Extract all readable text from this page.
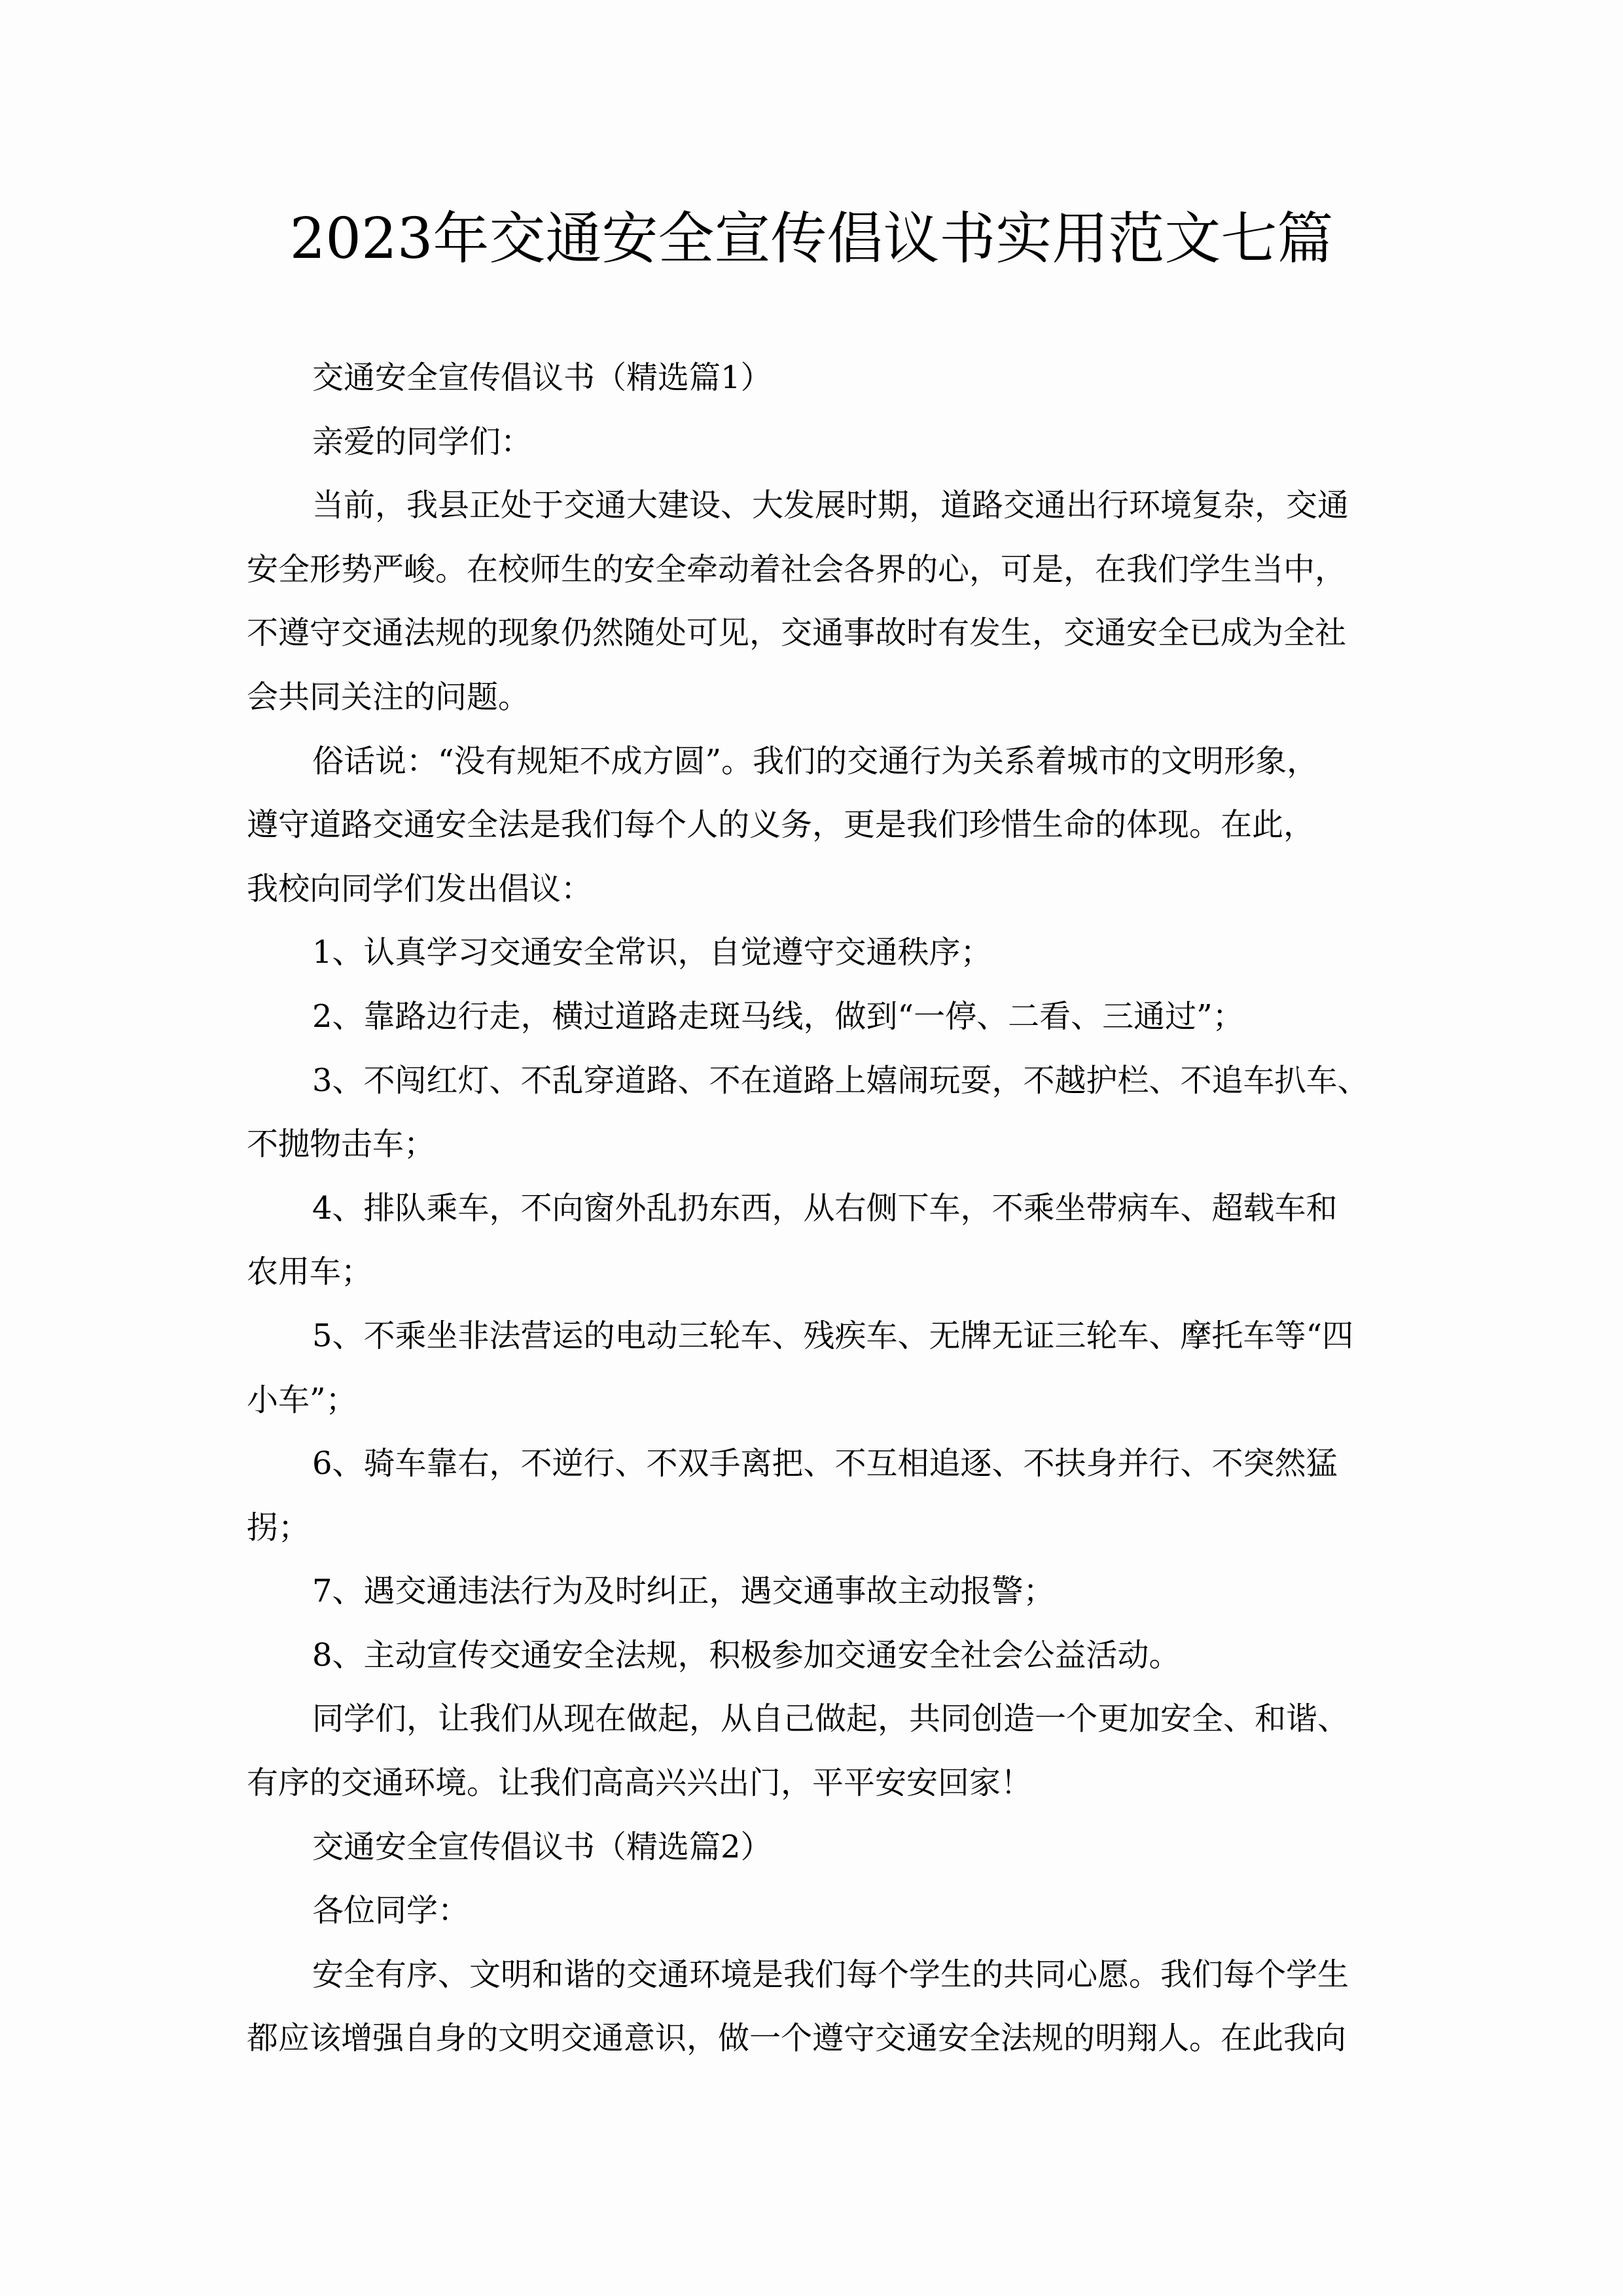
2023年交通安全宣传倡议书实用范文七篇
交通安全宣传倡议书（精选篇1）
亲爱的同学们：
当前，我县正处于交通大建设、大发展时期，道路交通出行环境复杂，交通
安全形势严峻。在校师生的安全牵动着社会各界的心，可是，在我们学生当中，
不遵守交通法规的现象仍然随处可见，交通事故时有发生，交通安全已成为全社
会共同关注的问题。
俗话说：“没有规矩不成方圆”。我们的交通行为关系着城市的文明形象，
遵守道路交通安全法是我们每个人的义务，更是我们珍惜生命的体现。在此，
我校向同学们发出倡议：
1、认真学习交通安全常识，自觉遵守交通秩序；
2、靠路边行走，横过道路走斑马线，做到“一停、二看、三通过”；
3、不闯红灯、不乱穿道路、不在道路上嬉闹玩耍，不越护栏、不追车扒车、
不抛物击车；
4、排队乘车，不向窗外乱扔东西，从右侧下车，不乘坐带病车、超载车和
农用车；
5、不乘坐非法营运的电动三轮车、残疾车、无牌无证三轮车、摩托车等“四
小车”；
6、骑车靠右，不逆行、不双手离把、不互相追逐、不扶身并行、不突然猛
拐；
7、遇交通违法行为及时纠正，遇交通事故主动报警；
8、主动宣传交通安全法规，积极参加交通安全社会公益活动。
同学们，让我们从现在做起，从自己做起，共同创造一个更加安全、和谐、
有序的交通环境。让我们高高兴兴出门，平平安安回家！
交通安全宣传倡议书（精选篇2）
各位同学：
安全有序、文明和谐的交通环境是我们每个学生的共同心愿。我们每个学生
都应该增强自身的文明交通意识，做一个遵守交通安全法规的明翔人。在此我向
